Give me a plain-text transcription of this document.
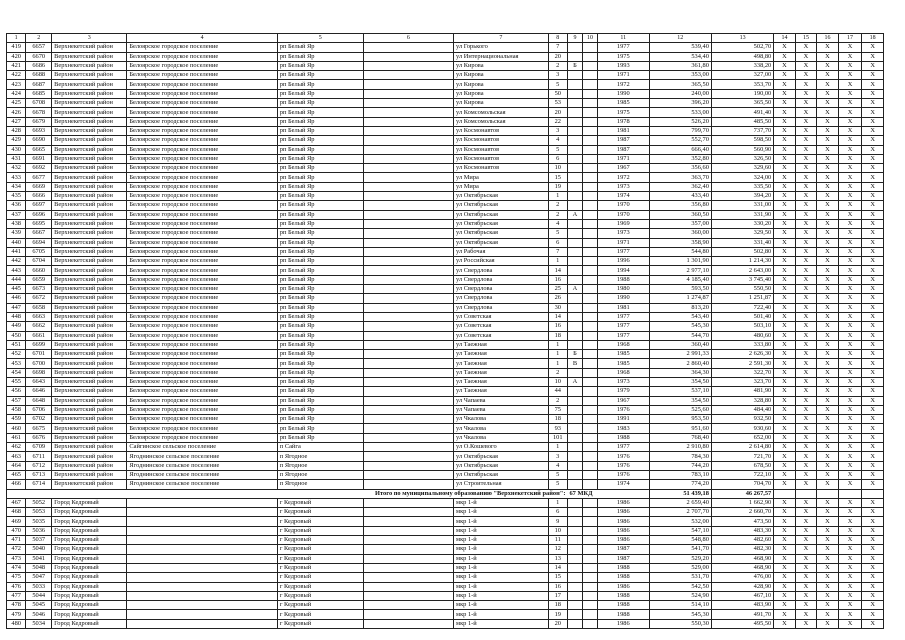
1	2	3	4	5	6	7	8	9	10	11	12	13	14	15	16	17	18
419	6657	Верхнекетский район	Белоярское городское поселение	рп Белый Яр		ул Горького	7			1977	539,40	502,70	X	X	X	X	X
420	6670	Верхнекетский район	Белоярское городское поселение	рп Белый Яр		ул Интернациональная	20			1975	534,40	498,80	X	X	X	X	X
421	6686	Верхнекетский район	Белоярское городское поселение	рп Белый Яр		ул Кирова	2	Б		1993	361,80	338,20	X	X	X	X	X
422	6688	Верхнекетский район	Белоярское городское поселение	рп Белый Яр		ул Кирова	3			1971	353,00	327,00	X	X	X	X	X
423	6687	Верхнекетский район	Белоярское городское поселение	рп Белый Яр		ул Кирова	5			1972	365,50	353,70	X	X	X	X	X
424	6685	Верхнекетский район	Белоярское городское поселение	рп Белый Яр		ул Кирова	50			1990	240,00	190,00	X	X	X	X	X
425	6708	Верхнекетский район	Белоярское городское поселение	рп Белый Яр		ул Кирова	53			1985	396,20	365,50	X	X	X	X	X
426	6678	Верхнекетский район	Белоярское городское поселение	рп Белый Яр		ул Комсомольская	20			1975	533,00	491,40	X	X	X	X	X
427	6679	Верхнекетский район	Белоярское городское поселение	рп Белый Яр		ул Комсомольская	22			1978	526,20	485,50	X	X	X	X	X
428	6693	Верхнекетский район	Белоярское городское поселение	рп Белый Яр		ул Космонавтов	3			1981	799,70	737,70	X	X	X	X	X
429	6690	Верхнекетский район	Белоярское городское поселение	рп Белый Яр		ул Космонавтов	4			1987	552,70	598,50	X	X	X	X	X
430	6665	Верхнекетский район	Белоярское городское поселение	рп Белый Яр		ул Космонавтов	5			1987	666,40	560,90	X	X	X	X	X
431	6691	Верхнекетский район	Белоярское городское поселение	рп Белый Яр		ул Космонавтов	6			1971	352,80	326,50	X	X	X	X	X
432	6692	Верхнекетский район	Белоярское городское поселение	рп Белый Яр		ул Космонавтов	10			1967	356,60	329,60	X	X	X	X	X
433	6677	Верхнекетский район	Белоярское городское поселение	рп Белый Яр		ул Мира	15			1972	363,70	324,00	X	X	X	X	X
434	6669	Верхнекетский район	Белоярское городское поселение	рп Белый Яр		ул Мира	19			1973	362,40	335,50	X	X	X	X	X
435	6666	Верхнекетский район	Белоярское городское поселение	рп Белый Яр		ул Октябрьская	1			1974	433,40	394,20	X	X	X	X	X
436	6697	Верхнекетский район	Белоярское городское поселение	рп Белый Яр		ул Октябрьская	2			1970	356,80	331,00	X	X	X	X	X
437	6696	Верхнекетский район	Белоярское городское поселение	рп Белый Яр		ул Октябрьская	2	А		1970	360,50	331,90	X	X	X	X	X
438	6695	Верхнекетский район	Белоярское городское поселение	рп Белый Яр		ул Октябрьская	4			1969	357,00	330,20	X	X	X	X	X
439	6667	Верхнекетский район	Белоярское городское поселение	рп Белый Яр		ул Октябрьская	5			1973	360,00	329,50	X	X	X	X	X
440	6694	Верхнекетский район	Белоярское городское поселение	рп Белый Яр		ул Октябрьская	6			1971	358,90	331,40	X	X	X	X	X
441	6705	Верхнекетский район	Белоярское городское поселение	рп Белый Яр		ул Рабочая	7			1977	544,80	502,80	X	X	X	X	X
442	6704	Верхнекетский район	Белоярское городское поселение	рп Белый Яр		ул Российская	1			1996	1 301,90	1 214,30	X	X	X	X	X
443	6660	Верхнекетский район	Белоярское городское поселение	рп Белый Яр		ул Свердлова	14			1994	2 977,10	2 643,00	X	X	X	X	X
444	6659	Верхнекетский район	Белоярское городское поселение	рп Белый Яр		ул Свердлова	16			1988	4 185,40	3 745,40	X	X	X	X	X
445	6673	Верхнекетский район	Белоярское городское поселение	рп Белый Яр		ул Свердлова	25	А		1980	593,50	550,50	X	X	X	X	X
446	6672	Верхнекетский район	Белоярское городское поселение	рп Белый Яр		ул Свердлова	26			1990	1 274,87	1 251,87	X	X	X	X	X
447	6658	Верхнекетский район	Белоярское городское поселение	рп Белый Яр		ул Свердлова	30			1981	813,20	722,40	X	X	X	X	X
448	6663	Верхнекетский район	Белоярское городское поселение	рп Белый Яр		ул Советская	14			1977	543,40	501,40	X	X	X	X	X
449	6662	Верхнекетский район	Белоярское городское поселение	рп Белый Яр		ул Советская	16			1977	545,30	503,10	X	X	X	X	X
450	6661	Верхнекетский район	Белоярское городское поселение	рп Белый Яр		ул Советская	18			1977	544,70	480,60	X	X	X	X	X
451	6699	Верхнекетский район	Белоярское городское поселение	рп Белый Яр		ул Таежная	1			1968	360,40	333,80	X	X	X	X	X
452	6701	Верхнекетский район	Белоярское городское поселение	рп Белый Яр		ул Таежная	1	Б		1985	2 991,33	2 626,30	X	X	X	X	X
453	6700	Верхнекетский район	Белоярское городское поселение	рп Белый Яр		ул Таежная	1	В		1985	2 860,40	2 591,30	X	X	X	X	X
454	6698	Верхнекетский район	Белоярское городское поселение	рп Белый Яр		ул Таежная	2			1968	364,30	322,70	X	X	X	X	X
455	6643	Верхнекетский район	Белоярское городское поселение	рп Белый Яр		ул Таежная	10	А		1973	354,50	323,70	X	X	X	X	X
456	6646	Верхнекетский район	Белоярское городское поселение	рп Белый Яр		ул Таежная	44			1979	537,10	481,90	X	X	X	X	X
457	6648	Верхнекетский район	Белоярское городское поселение	рп Белый Яр		ул Чапаева	2			1967	354,50	328,80	X	X	X	X	X
458	6706	Верхнекетский район	Белоярское городское поселение	рп Белый Яр		ул Чапаева	75			1976	525,60	484,40	X	X	X	X	X
459	6702	Верхнекетский район	Белоярское городское поселение	рп Белый Яр		ул Чкалова	18			1991	953,50	932,50	X	X	X	X	X
460	6675	Верхнекетский район	Белоярское городское поселение	рп Белый Яр		ул Чкалова	93			1983	951,60	930,60	X	X	X	X	X
461	6676	Верхнекетский район	Белоярское городское поселение	рп Белый Яр		ул Чкалова	101			1988	768,40	652,00	X	X	X	X	X
462	6709	Верхнекетский район	Сайгинское сельское поселение	п Сайга		ул О.Кошевого	1			1977	2 910,80	2 614,80	X	X	X	X	X
463	6711	Верхнекетский район	Ягоднинское сельское поселение	п Ягодное		ул Октябрьская	3			1976	784,30	721,70	X	X	X	X	X
464	6712	Верхнекетский район	Ягоднинское сельское поселение	п Ягодное		ул Октябрьская	4			1976	744,20	678,50	X	X	X	X	X
465	6713	Верхнекетский район	Ягоднинское сельское поселение	п Ягодное		ул Октябрьская	5			1976	783,10	722,10	X	X	X	X	X
466	6714	Верхнекетский район	Ягоднинское сельское поселение	п Ягодное		ул Строительная	5			1974	774,20	704,70	X	X	X	X	X
Итого по муниципальному образованию "Верхнекетский район":								67 МКД			51 439,18	46 267,57					
467	5052	Город Кедровый		г Кедровый		мкр 1-й	1			1986	2 659,40	1 662,90	X	X	X	X	X
468	5053	Город Кедровый		г Кедровый		мкр 1-й	6			1986	2 707,70	2 660,70	X	X	X	X	X
469	5035	Город Кедровый		г Кедровый		мкр 1-й	9			1986	532,00	473,50	X	X	X	X	X
470	5036	Город Кедровый		г Кедровый		мкр 1-й	10			1986	547,10	483,30	X	X	X	X	X
471	5037	Город Кедровый		г Кедровый		мкр 1-й	11			1986	548,80	482,60	X	X	X	X	X
472	5040	Город Кедровый		г Кедровый		мкр 1-й	12			1987	541,70	482,30	X	X	X	X	X
473	5041	Город Кедровый		г Кедровый		мкр 1-й	13			1987	529,20	468,90	X	X	X	X	X
474	5048	Город Кедровый		г Кедровый		мкр 1-й	14			1988	529,00	468,90	X	X	X	X	X
475	5047	Город Кедровый		г Кедровый		мкр 1-й	15			1988	531,70	476,00	X	X	X	X	X
476	5033	Город Кедровый		г Кедровый		мкр 1-й	16			1986	542,50	428,90	X	X	X	X	X
477	5044	Город Кедровый		г Кедровый		мкр 1-й	17			1988	524,90	467,10	X	X	X	X	X
478	5045	Город Кедровый		г Кедровый		мкр 1-й	18			1988	514,10	483,90	X	X	X	X	X
479	5046	Город Кедровый		г Кедровый		мкр 1-й	19			1988	545,30	491,70	X	X	X	X	X
480	5034	Город Кедровый		г Кедровый		мкр 1-й	20			1986	550,30	495,50	X	X	X	X	X
